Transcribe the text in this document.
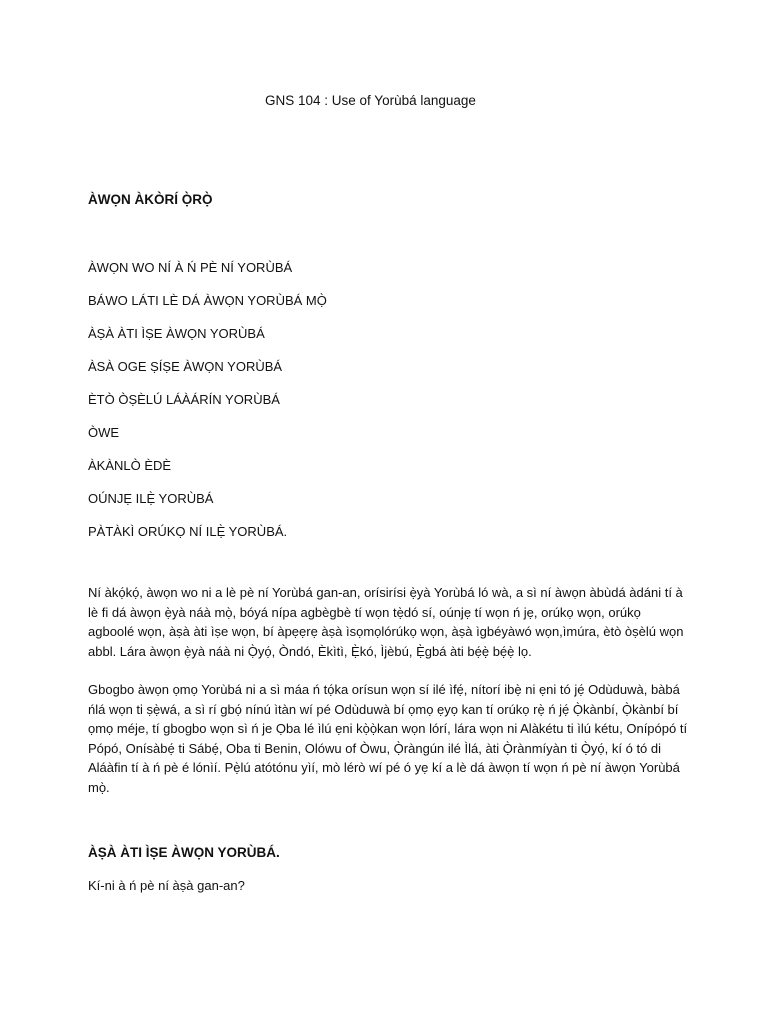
GNS 104 : Use of Yorùbá language
ÀWỌN ÀKÒRÍ Ọ̀RỌ̀
ÀWỌN WO NÍ À Ń PÈ NÍ YORÙBÁ
BÁWO LÁTI LÈ DÁ ÀWỌN YORÙBÁ MỌ̀
ÀṢÀ ÀTI ÌṢE ÀWỌN YORÙBÁ
ÀSÀ OGE ṢÍṢE ÀWỌN YORÙBÁ
ÈTÒ ÒṢÈLÚ LÁÀÁRÍN YORÙBÁ
ÒWE
ÀKÀNLÒ ÈDÈ
OÚNJẸ ILẸ̀ YORÙBÁ
PÀTÀKÌ ORÚKỌ NÍ ILẸ̀ YORÙBÁ.

Ní àkọ́kọ́, àwọn wo ni a lè pè ní Yorùbá gan-an, orísirísi ẹ̀yà Yorùbá ló wà, a sì ní àwọn àbùdá àdáni tí à lè fi dá àwọn ẹ̀yà náà mọ̀, bóyá nípa agbègbè tí wọn tẹ̀dó sí, oúnjẹ tí wọn ń jẹ, orúkọ wọn, orúkọ agboolé wọn, àṣà àti ìṣe wọn, bí àpẹẹrẹ àṣà ìsọmọlórúkọ wọn, àṣà ìgbéyàwó wọn,ìmúra, ètò òṣèlú wọn abbl. Lára àwọn ẹ̀yà náà ni Ọ̀yọ́, Òndó, Èkìtì, Ẹ̀kó, Ìjèbú, Ẹ̀gbá àti bẹ́ẹ̀ bẹ́ẹ̀ lọ.

Gbogbo àwọn ọmọ Yorùbá ni a sì máa ń tọ́ka orísun wọn sí ilé ìfẹ́, nítorí ibẹ̀ ni ẹni tó jẹ́ Odùduwà, bàbá ńlá wọn ti ṣẹ̀wá, a sì rí gbọ́ nínú ìtàn wí pé Odùduwà bí ọmọ ẹyọ kan tí orúkọ rẹ̀ ń jẹ́ Ọ̀kànbí, Ọ̀kànbí bí ọmọ méje, tí gbogbo wọn sì ń je Ọba lé ìlú ẹni kọ̀ọ̀kan wọn lórí, lára wọn ni Alàkétu ti ìlú kétu, Onípópó tí Pópó, Onísàbẹ́ ti Sábẹ́, Oba ti Benin, Olówu of Òwu, Ọ̀ràngún ilé Ìlá, àti Ọ̀rànmíyàn ti Ọ̀yọ́, kí ó tó di Aláàfin tí à ń pè é lónìí. Pẹ̀lú atótónu yìí, mò lérò wí pé ó yẹ kí a lè dá àwọn tí wọn ń pè ní àwọn Yorùbá mọ̀.

ÀṢÀ ÀTI ÌṢE ÀWỌN YORÙBÁ.
Kí-ni à ń pè ní àṣà gan-an?
